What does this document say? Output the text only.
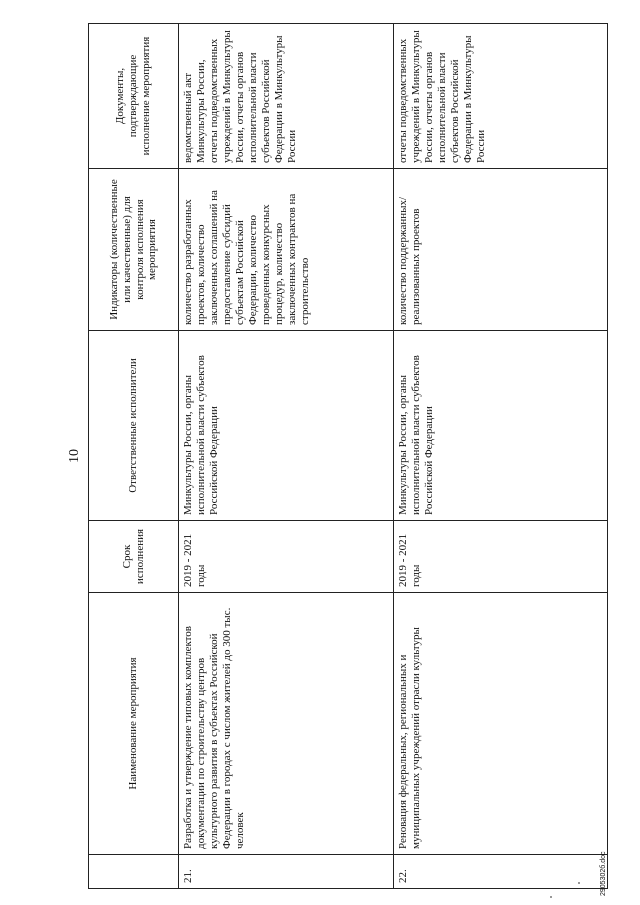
10
	Наименование мероприятия	Срок исполнения	Ответственные исполнители	Индикаторы (количественные или качественные) для контроля исполнения мероприятия	Документы, подтверждающие исполнение мероприятия
21.	Разработка и утверждение типовых комплектов документации по строительству центров культурного развития в субъектах Российской Федерации в городах с числом жителей до 300 тыс. человек	2019 - 2021 годы	Минкультуры России, органы исполнительной власти субъектов Российской Федерации	количество разработанных проектов, количество заключенных соглашений на предоставление субсидий субъектам Российской Федерации, количество проведенных конкурсных процедур, количество заключенных контрактов на строительство	ведомственный акт Минкультуры России, отчеты подведомственных учреждений в Минкультуры России, отчеты органов исполнительной власти субъектов Российской Федерации в Минкультуры России
22.	Реновация федеральных, региональных и муниципальных учреждений отрасли культуры	2019 - 2021 годы	Минкультуры России, органы исполнительной власти субъектов Российской Федерации	количество поддержанных/ реализованных проектов	отчеты подведомственных учреждений в Минкультуры России, отчеты органов исполнительной власти субъектов Российской Федерации в Минкультуры России
2905302б.doc
